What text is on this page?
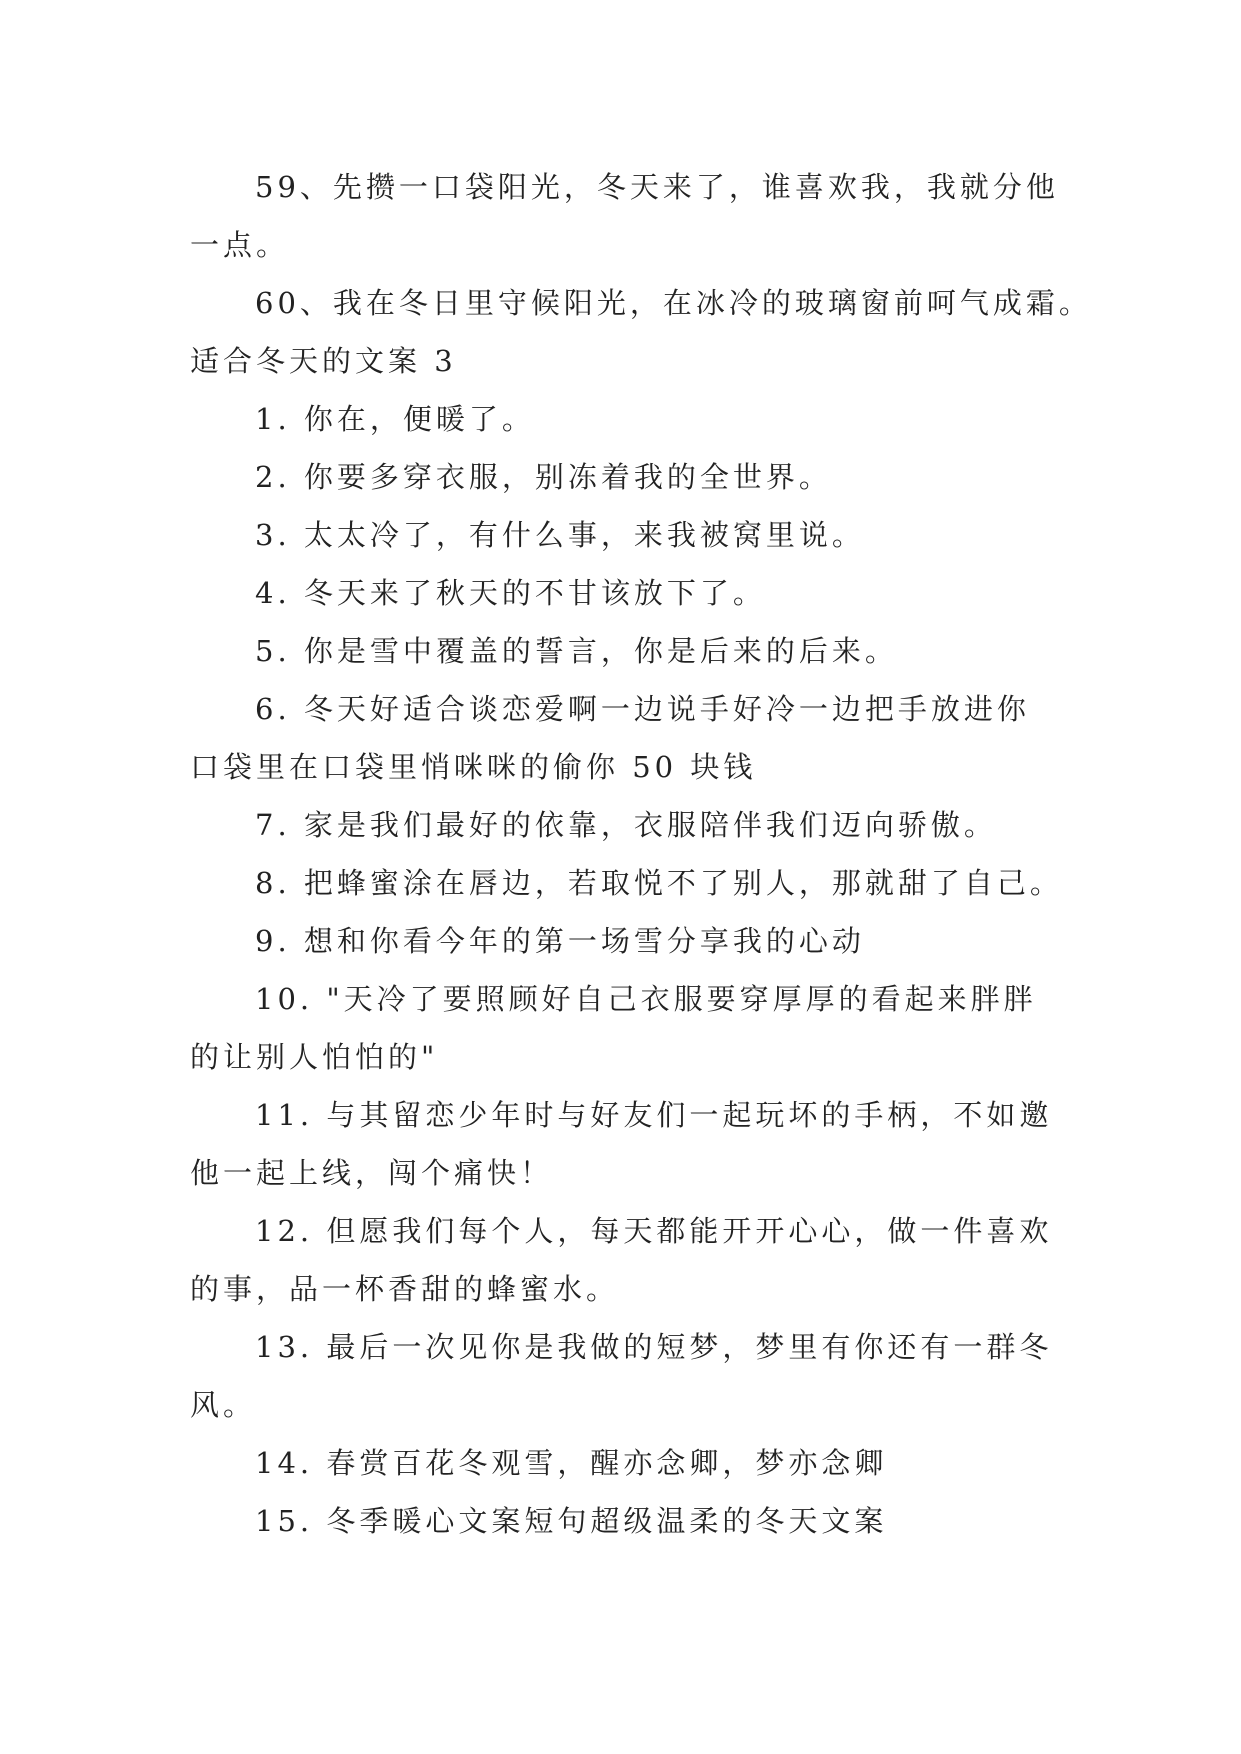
59、先攒一口袋阳光，冬天来了，谁喜欢我，我就分他
一点。
60、我在冬日里守候阳光，在冰冷的玻璃窗前呵气成霜。
适合冬天的文案 3
1. 你在，便暖了。
2. 你要多穿衣服，别冻着我的全世界。
3. 太太冷了，有什么事，来我被窝里说。
4. 冬天来了秋天的不甘该放下了。
5. 你是雪中覆盖的誓言，你是后来的后来。
6. 冬天好适合谈恋爱啊一边说手好冷一边把手放进你
口袋里在口袋里悄咪咪的偷你 50 块钱
7. 家是我们最好的依靠，衣服陪伴我们迈向骄傲。
8. 把蜂蜜涂在唇边，若取悦不了别人，那就甜了自己。
9. 想和你看今年的第一场雪分享我的心动
10. "天冷了要照顾好自己衣服要穿厚厚的看起来胖胖
的让别人怕怕的"
11. 与其留恋少年时与好友们一起玩坏的手柄，不如邀
他一起上线，闯个痛快！
12. 但愿我们每个人，每天都能开开心心，做一件喜欢
的事，品一杯香甜的蜂蜜水。
13. 最后一次见你是我做的短梦，梦里有你还有一群冬
风。
14. 春赏百花冬观雪，醒亦念卿，梦亦念卿
15. 冬季暖心文案短句超级温柔的冬天文案
